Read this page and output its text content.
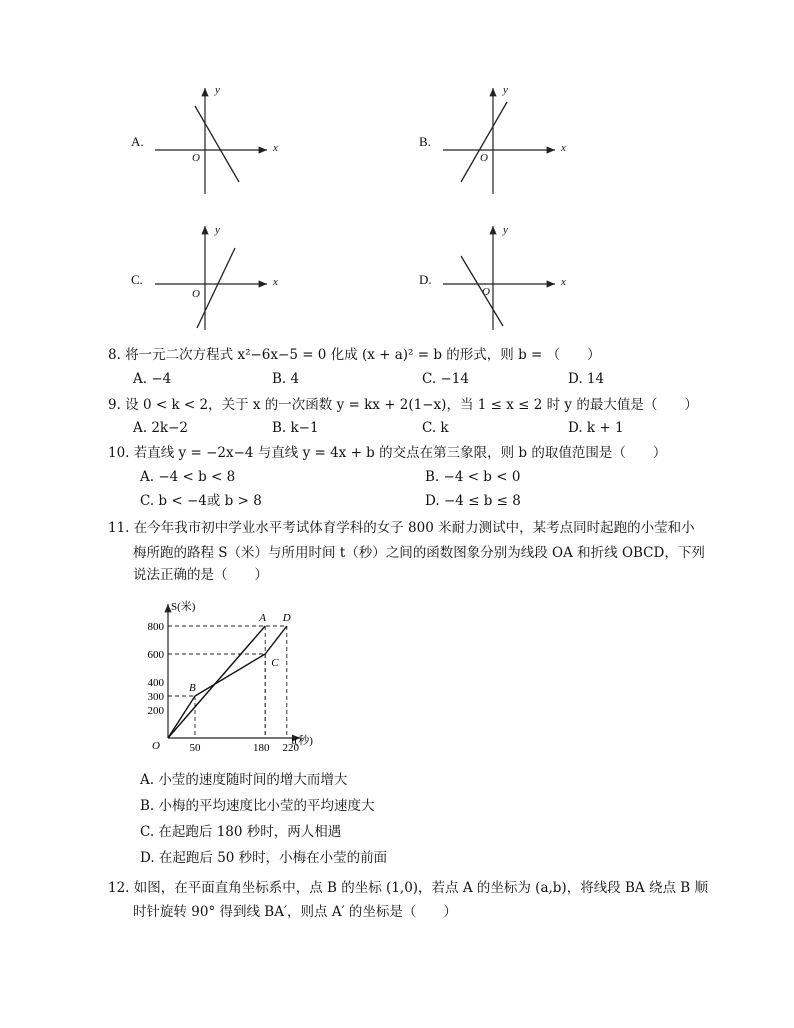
A.
y
x
O
B.
y
x
O
C.
y
x
O
D.
y
x
O
8. 将一元二次方程式 x²−6x−5 = 0 化成 (x + a)² = b 的形式，则 b = （　　）
A. −4	B. 4	C. −14	D. 14
9. 设 0 < k < 2，关于 x 的一次函数 y = kx + 2(1−x)，当 1 ≤ x ≤ 2 时 y 的最大值是（　　）
A. 2k−2	B. k−1	C. k	D. k + 1
10. 若直线 y = −2x−4 与直线 y = 4x + b 的交点在第三象限，则 b 的取值范围是（　　）
A. −4 < b < 8	B. −4 < b < 0
C. b < −4或 b > 8	D. −4 ≤ b ≤ 8
11. 在今年我市初中学业水平考试体育学科的女子 800 米耐力测试中，某考点同时起跑的小莹和小
梅所跑的路程 S（米）与所用时间 t（秒）之间的函数图象分别为线段 OA 和折线 OBCD，下列
说法正确的是（　　）
S(米)
t(秒)
O
200
300
400
600
800
50	180 220
B
C
A D
A. 小莹的速度随时间的增大而增大
B. 小梅的平均速度比小莹的平均速度大
C. 在起跑后 180 秒时，两人相遇
D. 在起跑后 50 秒时，小梅在小莹的前面
12. 如图，在平面直角坐标系中，点 B 的坐标 (1,0)，若点 A 的坐标为 (a,b)，将线段 BA 绕点 B 顺
时针旋转 90° 得到线 BA′，则点 A′ 的坐标是（　　）
